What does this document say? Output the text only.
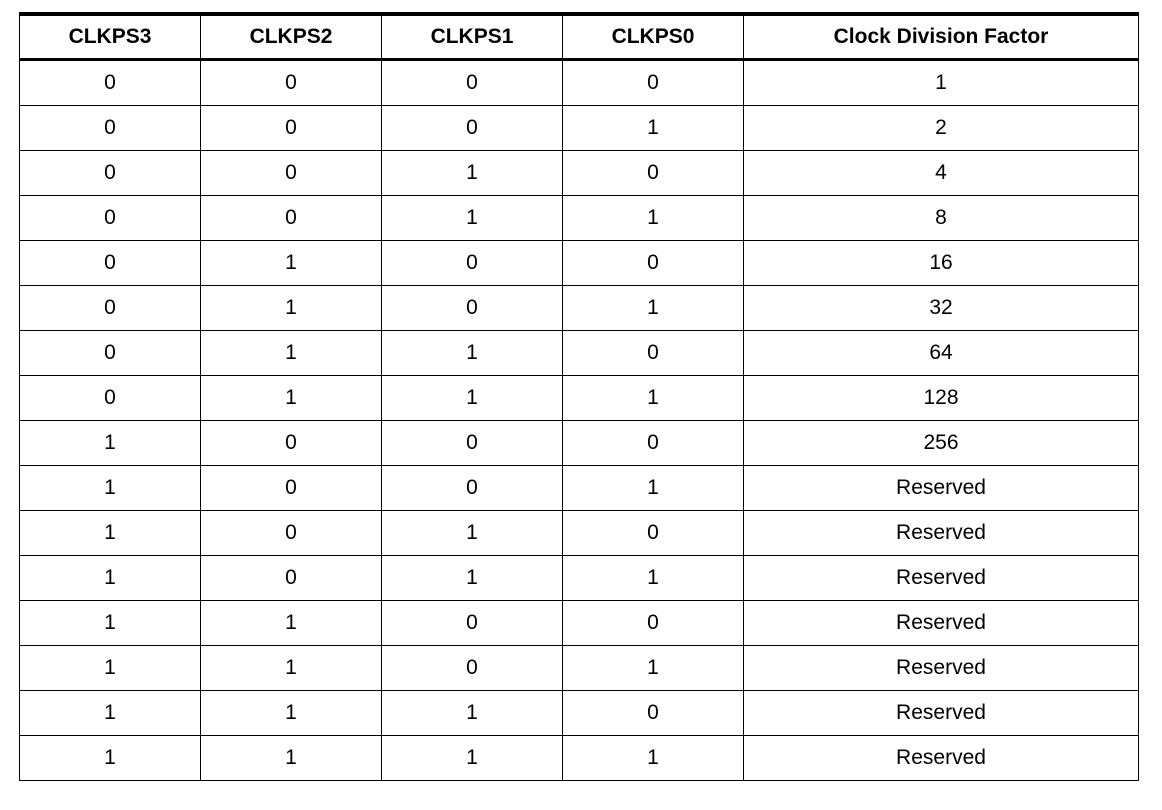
CLKPS3	CLKPS2	CLKPS1	CLKPS0	Clock Division Factor
0	0	0	0	1
0	0	0	1	2
0	0	1	0	4
0	0	1	1	8
0	1	0	0	16
0	1	0	1	32
0	1	1	0	64
0	1	1	1	128
1	0	0	0	256
1	0	0	1	Reserved
1	0	1	0	Reserved
1	0	1	1	Reserved
1	1	0	0	Reserved
1	1	0	1	Reserved
1	1	1	0	Reserved
1	1	1	1	Reserved
